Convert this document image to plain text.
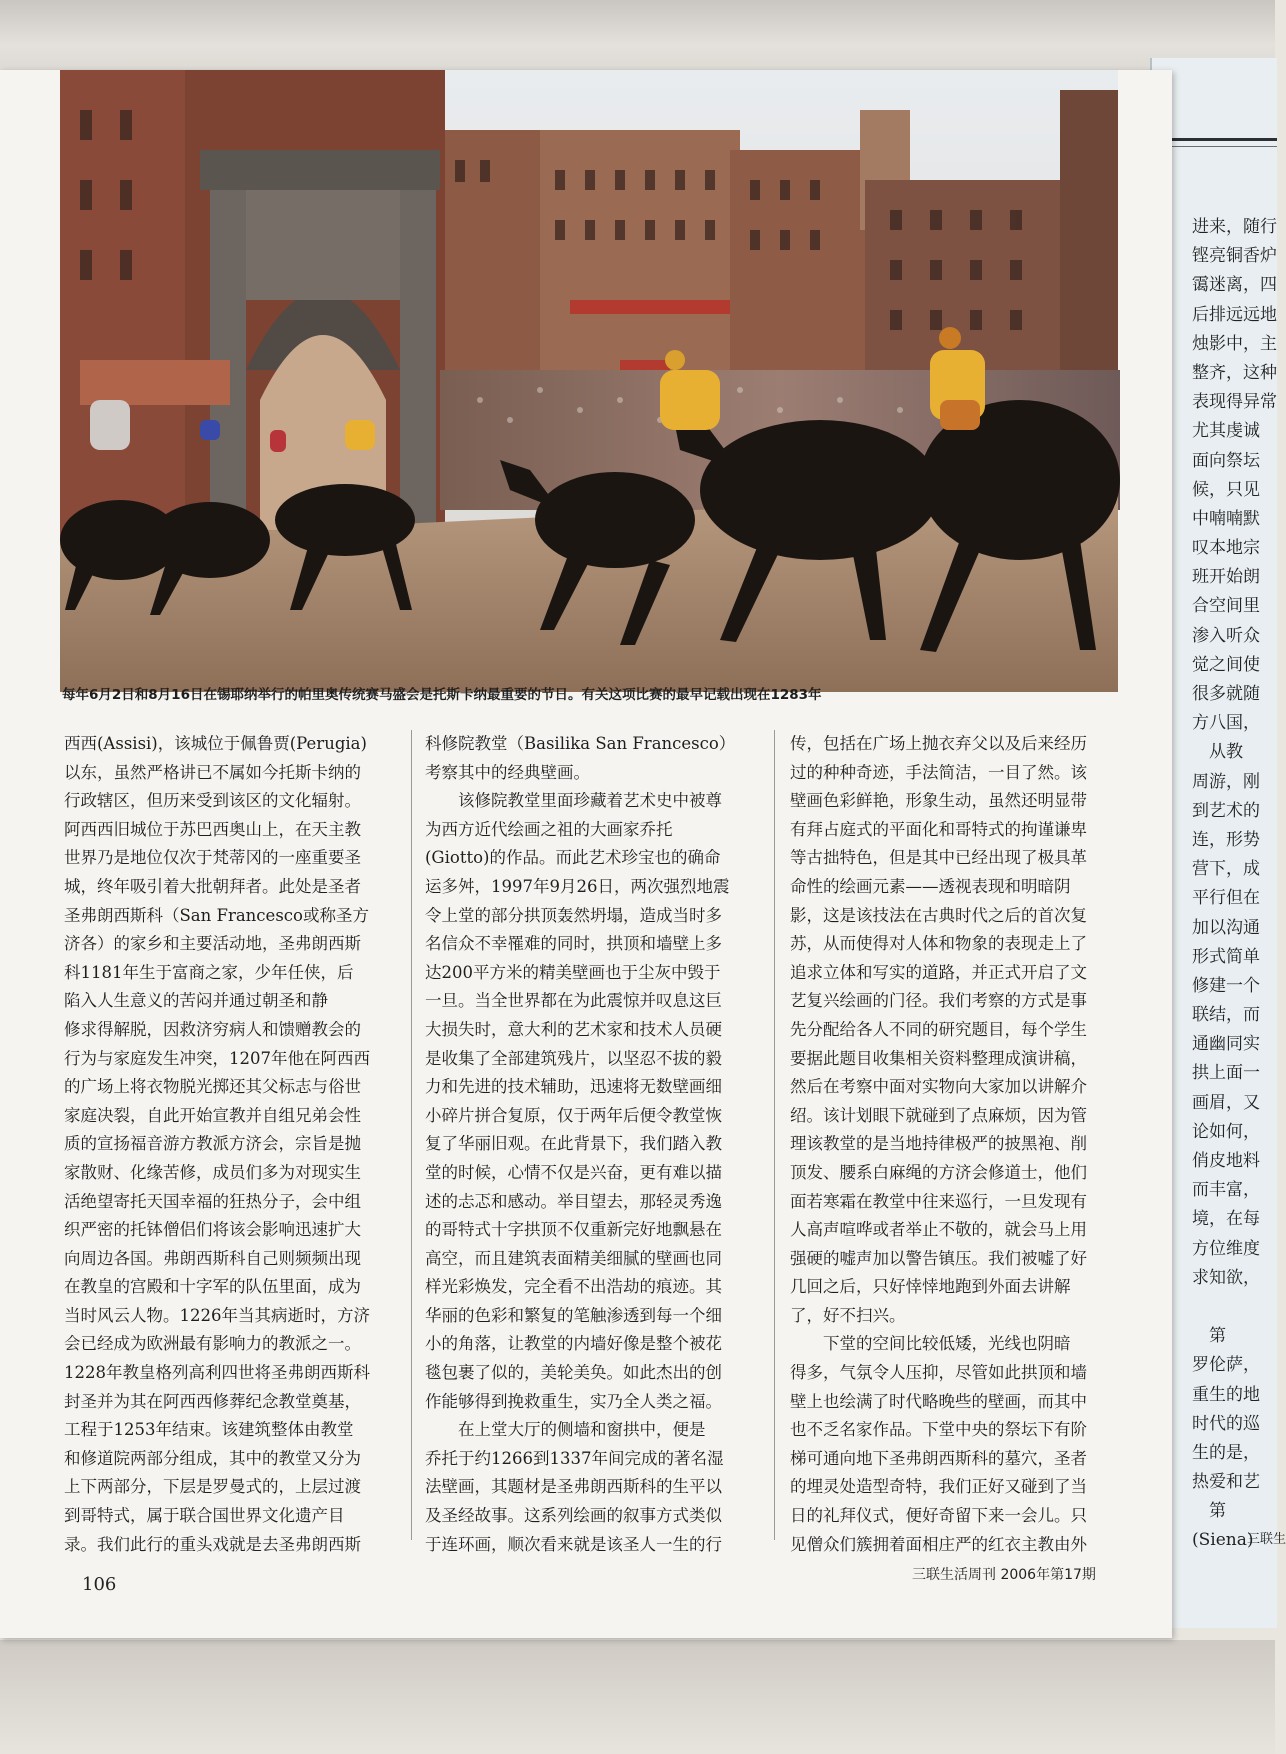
进来，随行
铿亮铜香炉
霭迷离，四
后排远远地
烛影中，主
整齐，这种
表现得异常
尤其虔诚
面向祭坛
候，只见
中喃喃默
叹本地宗
班开始朗
合空间里
渗入听众
觉之间使
很多就随
方八国，
　从教
周游，刚
到艺术的
连，形势
营下，成
平行但在
加以沟通
形式简单
修建一个
联结，而
通幽同实
拱上面一
画眉，又
论如何，
俏皮地料
而丰富，
境，在每
方位维度
求知欲，
　第
罗伦萨，
重生的地
时代的巡
生的是，
热爱和艺
　第
(Siena)
三联生
每年6月2日和8月16日在锡耶纳举行的帕里奥传统赛马盛会是托斯卡纳最重要的节日。有关这项比赛的最早记载出现在1283年
西西(Assisi)，该城位于佩鲁贾(Perugia)
以东，虽然严格讲已不属如今托斯卡纳的
行政辖区，但历来受到该区的文化辐射。
阿西西旧城位于苏巴西奥山上，在天主教
世界乃是地位仅次于梵蒂冈的一座重要圣
城，终年吸引着大批朝拜者。此处是圣者
圣弗朗西斯科（San Francesco或称圣方
济各）的家乡和主要活动地，圣弗朗西斯
科1181年生于富商之家，少年任侠，后
陷入人生意义的苦闷并通过朝圣和静
修求得解脱，因救济穷病人和馈赠教会的
行为与家庭发生冲突，1207年他在阿西西
的广场上将衣物脱光掷还其父标志与俗世
家庭决裂，自此开始宣教并自组兄弟会性
质的宣扬福音游方教派方济会，宗旨是抛
家散财、化缘苦修，成员们多为对现实生
活绝望寄托天国幸福的狂热分子，会中组
织严密的托钵僧侣们将该会影响迅速扩大
向周边各国。弗朗西斯科自己则频频出现
在教皇的宫殿和十字军的队伍里面，成为
当时风云人物。1226年当其病逝时，方济
会已经成为欧洲最有影响力的教派之一。
1228年教皇格列高利四世将圣弗朗西斯科
封圣并为其在阿西西修葬纪念教堂奠基，
工程于1253年结束。该建筑整体由教堂
和修道院两部分组成，其中的教堂又分为
上下两部分，下层是罗曼式的，上层过渡
到哥特式，属于联合国世界文化遗产目
录。我们此行的重头戏就是去圣弗朗西斯
科修院教堂（Basilika San Francesco）
考察其中的经典壁画。
　　该修院教堂里面珍藏着艺术史中被尊
为西方近代绘画之祖的大画家乔托
(Giotto)的作品。而此艺术珍宝也的确命
运多舛，1997年9月26日，两次强烈地震
令上堂的部分拱顶轰然坍塌，造成当时多
名信众不幸罹难的同时，拱顶和墙壁上多
达200平方米的精美壁画也于尘灰中毁于
一旦。当全世界都在为此震惊并叹息这巨
大损失时，意大利的艺术家和技术人员硬
是收集了全部建筑残片，以坚忍不拔的毅
力和先进的技术辅助，迅速将无数壁画细
小碎片拼合复原，仅于两年后便令教堂恢
复了华丽旧观。在此背景下，我们踏入教
堂的时候，心情不仅是兴奋，更有难以描
述的忐忑和感动。举目望去，那轻灵秀逸
的哥特式十字拱顶不仅重新完好地飘悬在
高空，而且建筑表面精美细腻的壁画也同
样光彩焕发，完全看不出浩劫的痕迹。其
华丽的色彩和繁复的笔触渗透到每一个细
小的角落，让教堂的内墙好像是整个被花
毯包裹了似的，美轮美奂。如此杰出的创
作能够得到挽救重生，实乃全人类之福。
　　在上堂大厅的侧墙和窗拱中，便是
乔托于约1266到1337年间完成的著名湿
法壁画，其题材是圣弗朗西斯科的生平以
及圣经故事。这系列绘画的叙事方式类似
于连环画，顺次看来就是该圣人一生的行
传，包括在广场上抛衣弃父以及后来经历
过的种种奇迹，手法简洁，一目了然。该
壁画色彩鲜艳，形象生动，虽然还明显带
有拜占庭式的平面化和哥特式的拘谨谦卑
等古拙特色，但是其中已经出现了极具革
命性的绘画元素——透视表现和明暗阴
影，这是该技法在古典时代之后的首次复
苏，从而使得对人体和物象的表现走上了
追求立体和写实的道路，并正式开启了文
艺复兴绘画的门径。我们考察的方式是事
先分配给各人不同的研究题目，每个学生
要据此题目收集相关资料整理成演讲稿，
然后在考察中面对实物向大家加以讲解介
绍。该计划眼下就碰到了点麻烦，因为管
理该教堂的是当地持律极严的披黑袍、削
顶发、腰系白麻绳的方济会修道士，他们
面若寒霜在教堂中往来巡行，一旦发现有
人高声喧哗或者举止不敬的，就会马上用
强硬的嘘声加以警告镇压。我们被嘘了好
几回之后，只好悻悻地跑到外面去讲解
了，好不扫兴。
　　下堂的空间比较低矮，光线也阴暗
得多，气氛令人压抑，尽管如此拱顶和墙
壁上也绘满了时代略晚些的壁画，而其中
也不乏名家作品。下堂中央的祭坛下有阶
梯可通向地下圣弗朗西斯科的墓穴，圣者
的埋灵处造型奇特，我们正好又碰到了当
日的礼拜仪式，便好奇留下来一会儿。只
见僧众们簇拥着面相庄严的红衣主教由外
106	三联生活周刊 2006年第17期
